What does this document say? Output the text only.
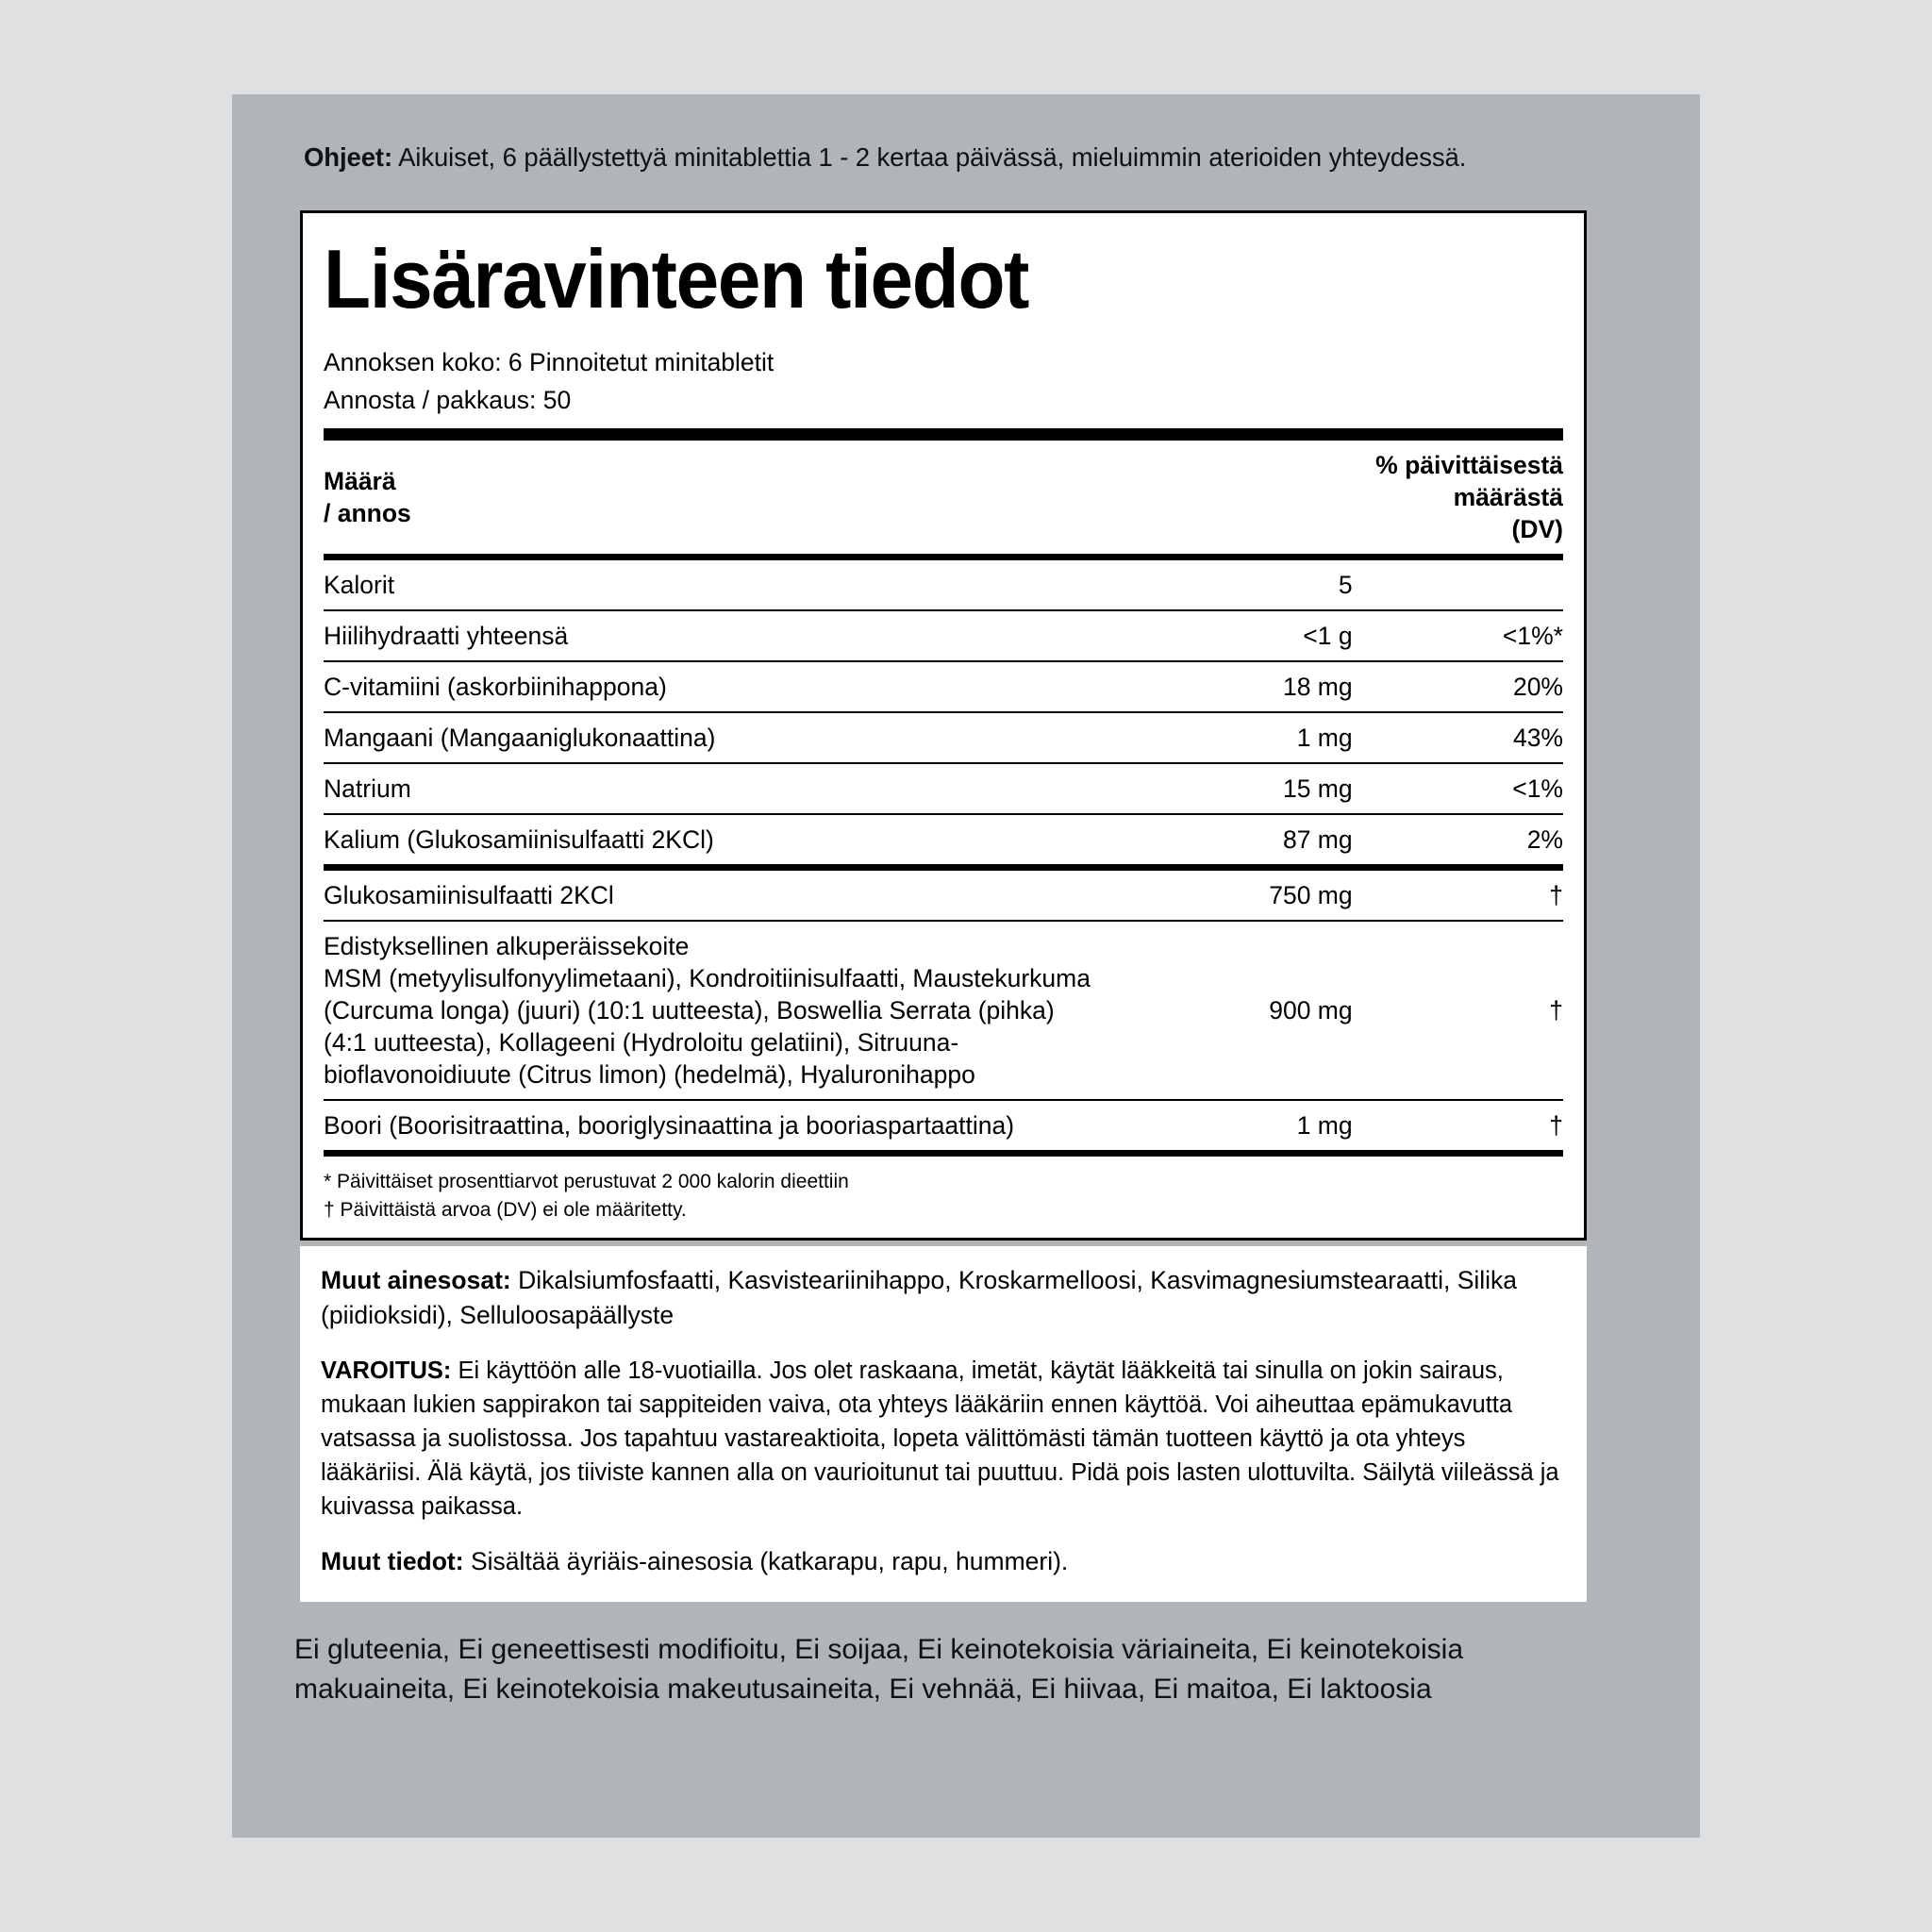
Ohjeet: Aikuiset, 6 päällystettyä minitablettia 1 - 2 kertaa päivässä, mieluimmin aterioiden yhteydessä.
Lisäravinteen tiedot
Annoksen koko: 6 Pinnoitetut minitabletit
Annosta / pakkaus: 50
Määrä
/ annos

% päivittäisestä
määrästä
(DV)
Kalorit	5	
Hiilihydraatti yhteensä	<1 g	<1%*
C-vitamiini (askorbiinihappona)	18 mg	20%
Mangaani (Mangaaniglukonaattina)	1 mg	43%
Natrium	15 mg	<1%
Kalium (Glukosamiinisulfaatti 2KCl)	87 mg	2%
Glukosamiinisulfaatti 2KCl	750 mg	†

Edistyksellinen alkuperäissekoite
MSM (metyylisulfonyylimetaani), Kondroitiinisulfaatti, Maustekurkuma (Curcuma longa) (juuri) (10:1 uutteesta), Boswellia Serrata (pihka) (4:1 uutteesta), Kollageeni (Hydroloitu gelatiini), Sitruuna-bioflavonoidiuute (Citrus limon) (hedelmä), Hyaluronihappo	900 mg	†
Boori (Boorisitraattina, booriglysinaattina ja booriaspartaattina)	1 mg	†
* Päivittäiset prosenttiarvot perustuvat 2 000 kalorin dieettiin
† Päivittäistä arvoa (DV) ei ole määritetty.

Muut ainesosat: Dikalsiumfosfaatti, Kasvisteariinihappo, Kroskarmelloosi, Kasvimagnesiumstearaatti, Silika (piidioksidi), Selluloosapäällyste

VAROITUS: Ei käyttöön alle 18-vuotiailla. Jos olet raskaana, imetät, käytät lääkkeitä tai sinulla on jokin sairaus, mukaan lukien sappirakon tai sappiteiden vaiva, ota yhteys lääkäriin ennen käyttöä. Voi aiheuttaa epämukavutta vatsassa ja suolistossa. Jos tapahtuu vastareaktioita, lopeta välittömästi tämän tuotteen käyttö ja ota yhteys lääkäriisi. Älä käytä, jos tiiviste kannen alla on vaurioitunut tai puuttuu. Pidä pois lasten ulottuvilta. Säilytä viileässä ja kuivassa paikassa.

Muut tiedot: Sisältää äyriäis-ainesosia (katkarapu, rapu, hummeri).

Ei gluteenia, Ei geneettisesti modifioitu, Ei soijaa, Ei keinotekoisia väriaineita, Ei keinotekoisia makuaineita, Ei keinotekoisia makeutusaineita, Ei vehnää, Ei hiivaa, Ei maitoa, Ei laktoosia
